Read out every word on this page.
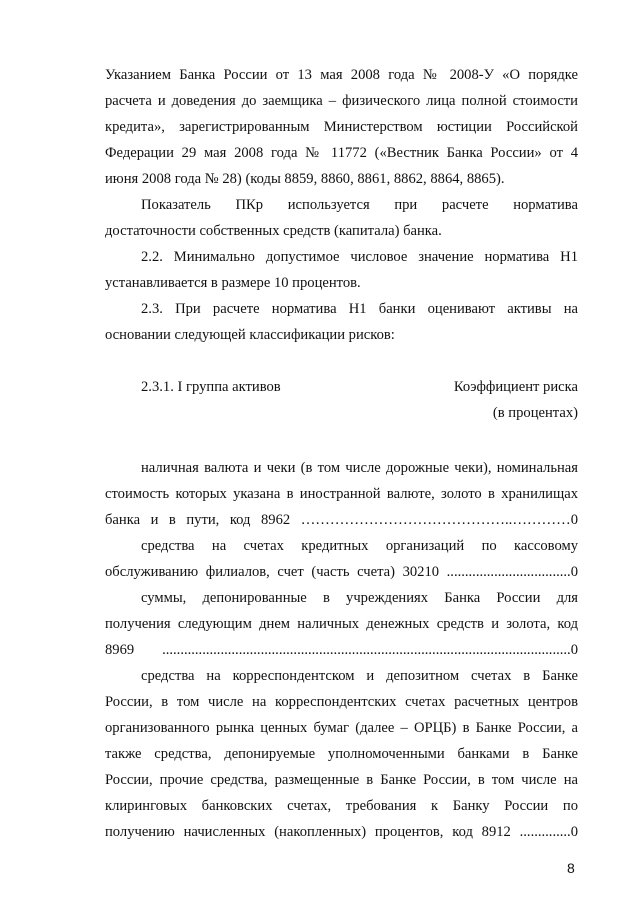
Указанием Банка России от 13 мая 2008 года № 2008-У «О порядке
расчета и доведения до заемщика – физического лица полной стоимости
кредита», зарегистрированным Министерством юстиции Российской
Федерации 29 мая 2008 года № 11772 («Вестник Банка России» от 4
июня 2008 года № 28) (коды 8859, 8860, 8861, 8862, 8864, 8865).
Показатель ПКр используется при расчете норматива
достаточности собственных средств (капитала) банка.
2.2. Минимально допустимое числовое значение норматива Н1
устанавливается в размере 10 процентов.
2.3. При расчете норматива Н1 банки оценивают активы на
основании следующей классификации рисков:
2.3.1. I группа активов	Коэффициент риска
(в процентах)
наличная валюта и чеки (в том числе дорожные чеки), номинальная
стоимость которых указана в иностранной валюте, золото в хранилищах
банка и в пути, код 8962 ……………………………………..…………0
средства на счетах кредитных организаций по кассовому
обслуживанию филиалов, счет (часть счета) 30210 ..................................0
суммы, депонированные в учреждениях Банка России для
получения следующим днем наличных денежных средств и золота, код
8969 ................................................................................................................0
средства на корреспондентском и депозитном счетах в Банке
России, в том числе на корреспондентских счетах расчетных центров
организованного рынка ценных бумаг (далее – ОРЦБ) в Банке России, а
также средства, депонируемые уполномоченными банками в Банке
России, прочие средства, размещенные в Банке России, в том числе на
клиринговых банковских счетах, требования к Банку России по
получению начисленных (накопленных) процентов, код 8912 ..............0
8
